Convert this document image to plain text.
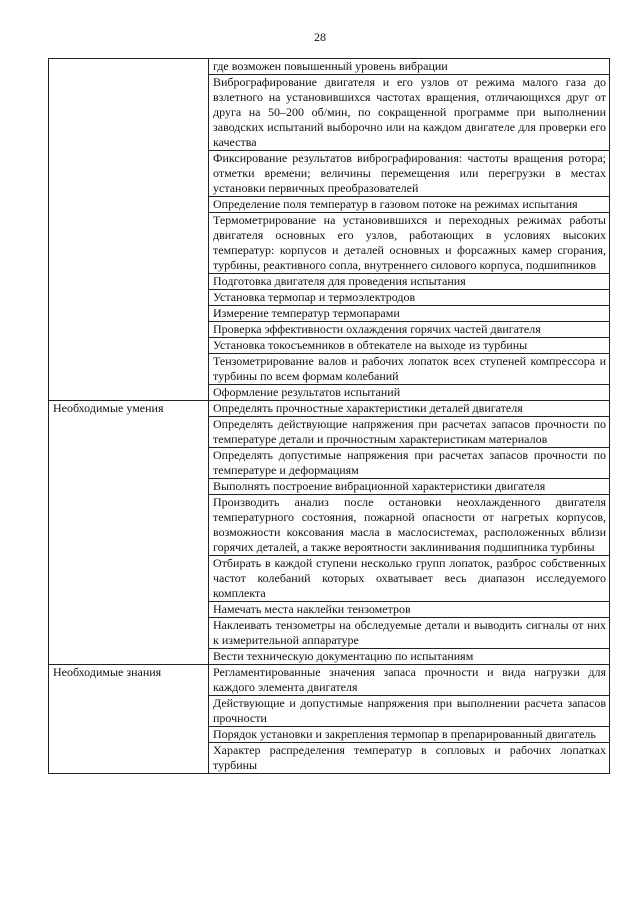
28
	где возможен повышенный уровень вибрации
	Вибрографирование двигателя и его узлов от режима малого газа до взлетного на установившихся частотах вращения, отличающихся друг от друга на 50–200 об/мин, по сокращенной программе при выполнении заводских испытаний выборочно или на каждом двигателе для проверки его качества
	Фиксирование результатов вибрографирования: частоты вращения ротора; отметки времени; величины перемещения или перегрузки в местах установки первичных преобразователей
	Определение поля температур в газовом потоке на режимах испытания
	Термометрирование на установившихся и переходных режимах работы двигателя основных его узлов, работающих в условиях высоких температур: корпусов и деталей основных и форсажных камер сгорания, турбины, реактивного сопла, внутреннего силового корпуса, подшипников
	Подготовка двигателя для проведения испытания
	Установка термопар и термоэлектродов
	Измерение температур термопарами
	Проверка эффективности охлаждения горячих частей двигателя
	Установка токосъемников в обтекателе на выходе из турбины
	Тензометрирование валов и рабочих лопаток всех ступеней компрессора и турбины по всем формам колебаний
	Оформление результатов испытаний
Необходимые умения	Определять прочностные характеристики деталей двигателя
	Определять действующие напряжения при расчетах запасов прочности по температуре детали и прочностным характеристикам материалов
	Определять допустимые напряжения при расчетах запасов прочности по температуре и деформациям
	Выполнять построение вибрационной характеристики двигателя
	Производить анализ после остановки неохлажденного двигателя температурного состояния, пожарной опасности от нагретых корпусов, возможности коксования масла в маслосистемах, расположенных вблизи горячих деталей, а также вероятности заклинивания подшипника турбины
	Отбирать в каждой ступени несколько групп лопаток, разброс собственных частот колебаний которых охватывает весь диапазон исследуемого комплекта
	Намечать места наклейки тензометров
	Наклеивать тензометры на обследуемые детали и выводить сигналы от них к измерительной аппаратуре
	Вести техническую документацию по испытаниям
Необходимые знания	Регламентированные значения запаса прочности и вида нагрузки для каждого элемента двигателя
	Действующие и допустимые напряжения при выполнении расчета запасов прочности
	Порядок установки и закрепления термопар в препарированный двигатель
	Характер распределения температур в сопловых и рабочих лопатках турбины
